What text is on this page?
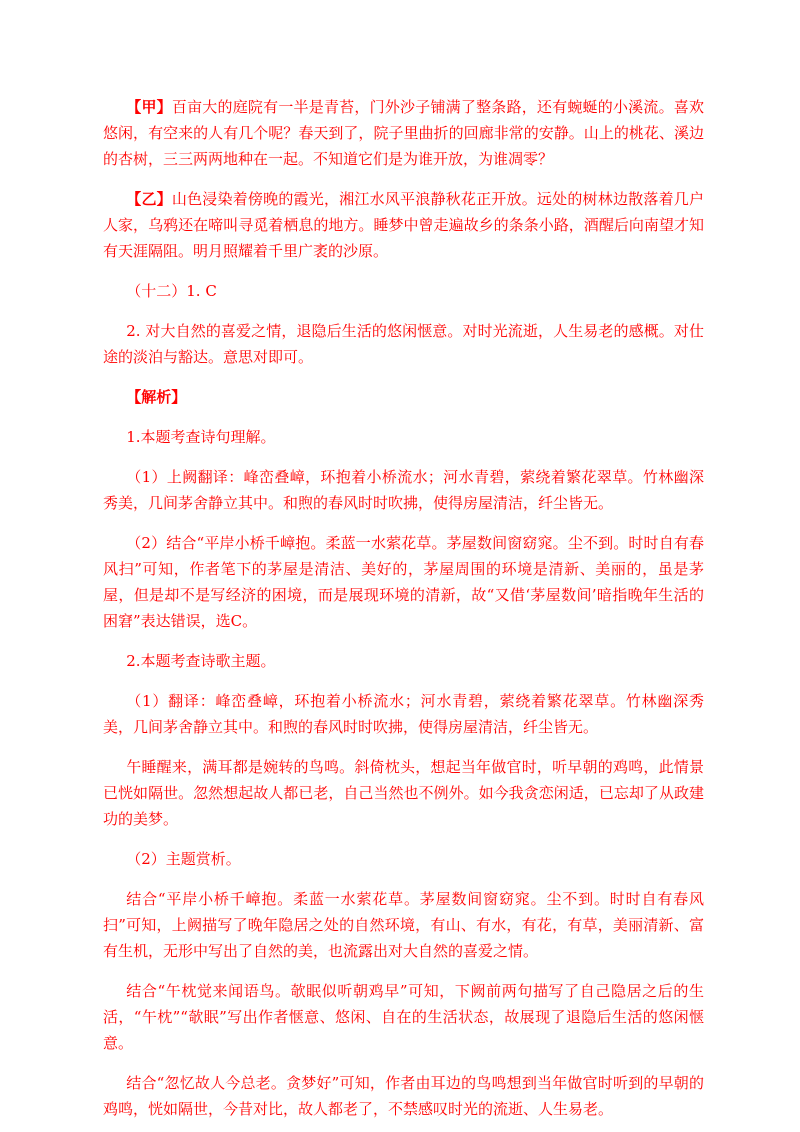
【甲】百亩大的庭院有一半是青苔，门外沙子铺满了整条路，还有蜿蜒的小溪流。喜欢悠闲，有空来的人有几个呢？春天到了，院子里曲折的回廊非常的安静。山上的桃花、溪边的杏树，三三两两地种在一起。不知道它们是为谁开放，为谁凋零？

【乙】山色浸染着傍晚的霞光，湘江水风平浪静秋花正开放。远处的树林边散落着几户人家，乌鸦还在啼叫寻觅着栖息的地方。睡梦中曾走遍故乡的条条小路，酒醒后向南望才知有天涯隔阻。明月照耀着千里广袤的沙原。

（十二）1. C

2. 对大自然的喜爱之情，退隐后生活的悠闲惬意。对时光流逝，人生易老的感概。对仕途的淡泊与豁达。意思对即可。

【解析】

1.本题考查诗句理解。

（1）上阙翻译：峰峦叠嶂，环抱着小桥流水；河水青碧，萦绕着繁花翠草。竹林幽深秀美，几间茅舍静立其中。和煦的春风时时吹拂，使得房屋清洁，纤尘皆无。

（2）结合“平岸小桥千嶂抱。柔蓝一水萦花草。茅屋数间窗窈窕。尘不到。时时自有春风扫”可知，作者笔下的茅屋是清洁、美好的，茅屋周围的环境是清新、美丽的，虽是茅屋，但是却不是写经济的困境，而是展现环境的清新，故“又借‘茅屋数间’暗指晚年生活的困窘”表达错误，选C。

2.本题考查诗歌主题。

（1）翻译：峰峦叠嶂，环抱着小桥流水；河水青碧，萦绕着繁花翠草。竹林幽深秀美，几间茅舍静立其中。和煦的春风时时吹拂，使得房屋清洁，纤尘皆无。

午睡醒来，满耳都是婉转的鸟鸣。斜倚枕头，想起当年做官时，听早朝的鸡鸣，此情景已恍如隔世。忽然想起故人都已老，自己当然也不例外。如今我贪恋闲适，已忘却了从政建功的美梦。

（2）主题赏析。

结合“平岸小桥千嶂抱。柔蓝一水萦花草。茅屋数间窗窈窕。尘不到。时时自有春风扫”可知，上阙描写了晚年隐居之处的自然环境，有山、有水，有花，有草，美丽清新、富有生机，无形中写出了自然的美，也流露出对大自然的喜爱之情。

结合“午枕觉来闻语鸟。欹眠似听朝鸡早”可知，下阙前两句描写了自己隐居之后的生活，“午枕”“欹眠”写出作者惬意、悠闲、自在的生活状态，故展现了退隐后生活的悠闲惬意。

结合“忽忆故人今总老。贪梦好”可知，作者由耳边的鸟鸣想到当年做官时听到的早朝的鸡鸣，恍如隔世，今昔对比，故人都老了，不禁感叹时光的流逝、人生易老。
